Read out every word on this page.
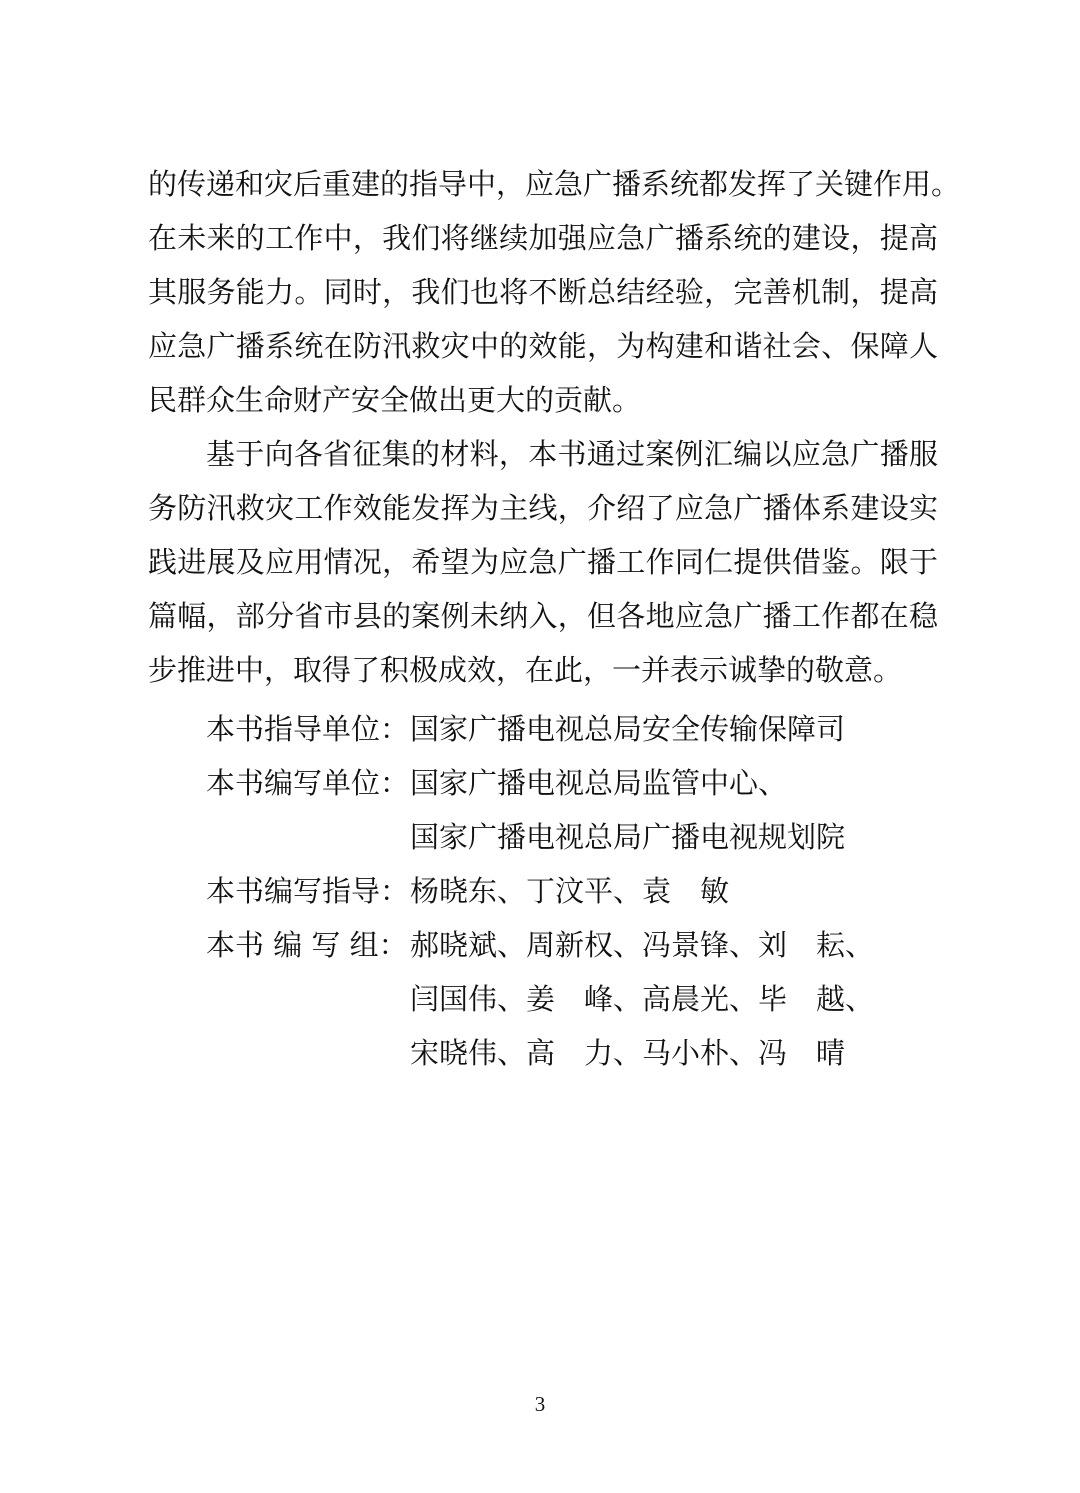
的传递和灾后重建的指导中，应急广播系统都发挥了关键作用。
在未来的工作中，我们将继续加强应急广播系统的建设，提高
其服务能力。同时，我们也将不断总结经验，完善机制，提高
应急广播系统在防汛救灾中的效能，为构建和谐社会、保障人
民群众生命财产安全做出更大的贡献。
基于向各省征集的材料，本书通过案例汇编以应急广播服
务防汛救灾工作效能发挥为主线，介绍了应急广播体系建设实
践进展及应用情况，希望为应急广播工作同仁提供借鉴。限于
篇幅，部分省市县的案例未纳入，但各地应急广播工作都在稳
步推进中，取得了积极成效，在此，一并表示诚挚的敬意。
本书指导单位： 国家广播电视总局安全传输保障司
本书编写单位： 国家广播电视总局监管中心、
国家广播电视总局广播电视规划院
本书编写指导： 杨晓东、丁汶平、袁　敏
本书 编 写 组： 郝晓斌、周新权、冯景锋、刘　耘、
闫国伟、姜　峰、高晨光、毕　越、
宋晓伟、高　力、马小朴、冯　晴
3
